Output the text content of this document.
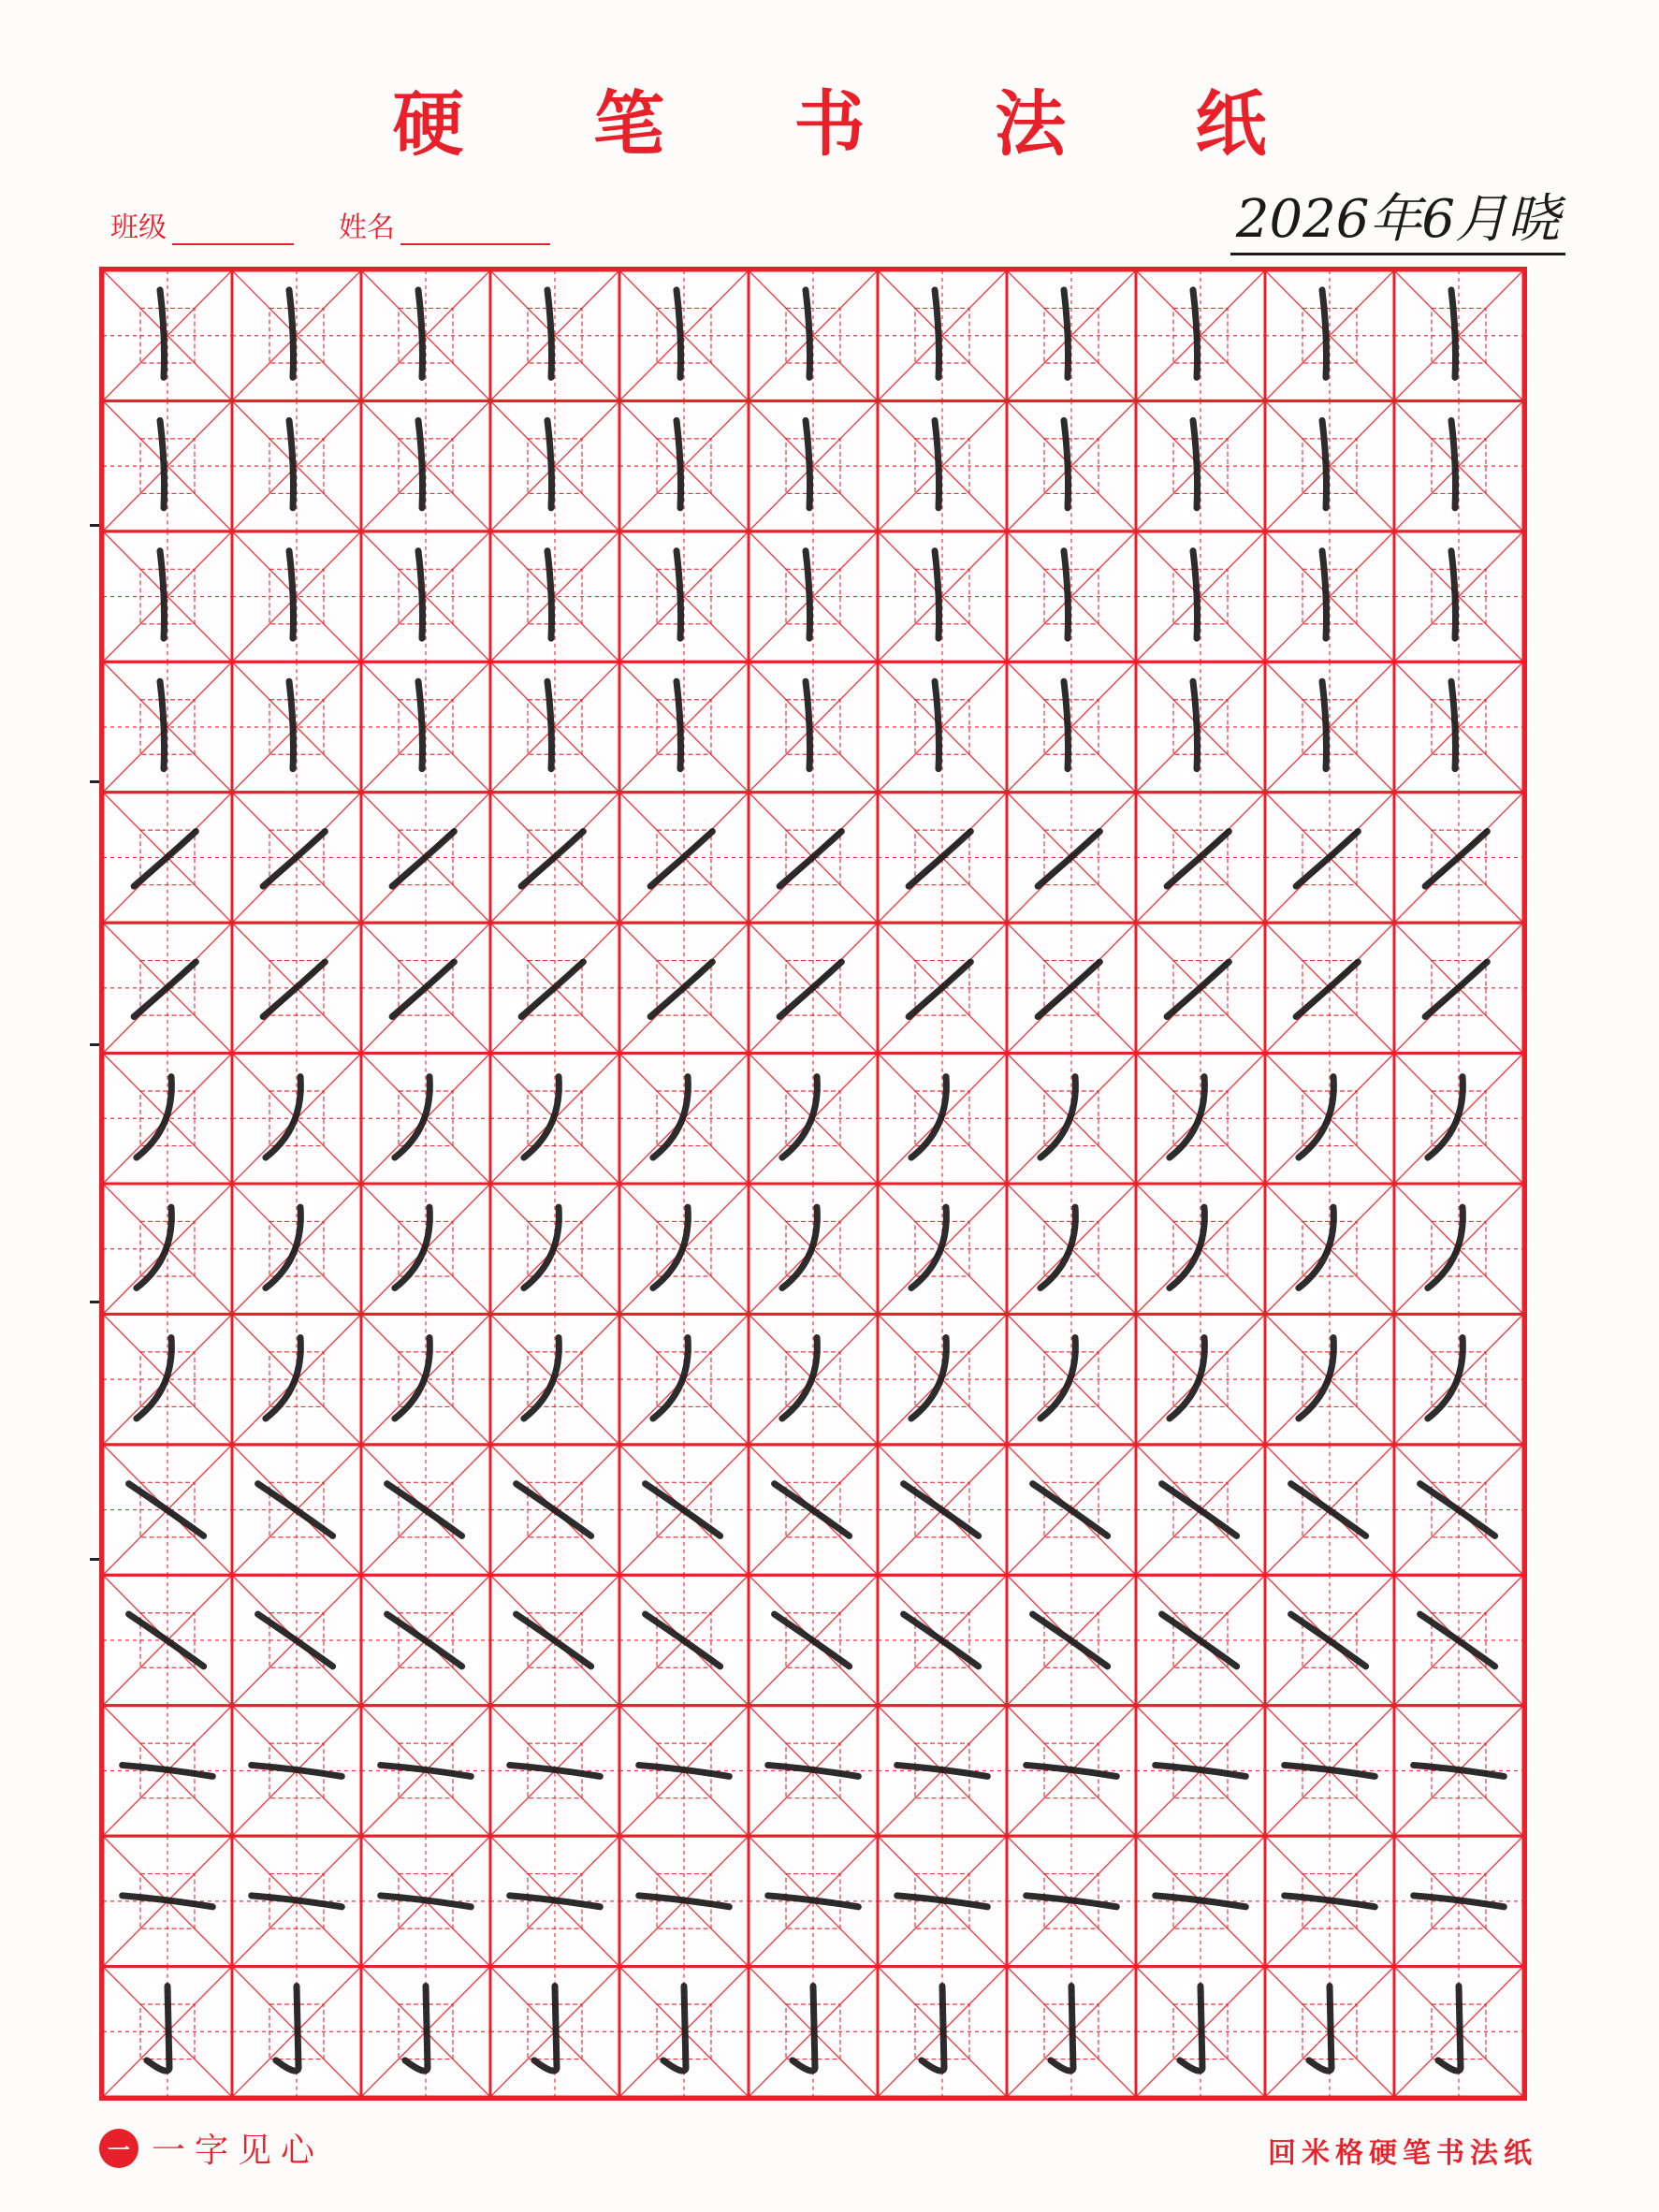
硬 笔 书 法 纸
班级	姓名	2026年6月晓
一 一字见心	回米格硬笔书法纸
